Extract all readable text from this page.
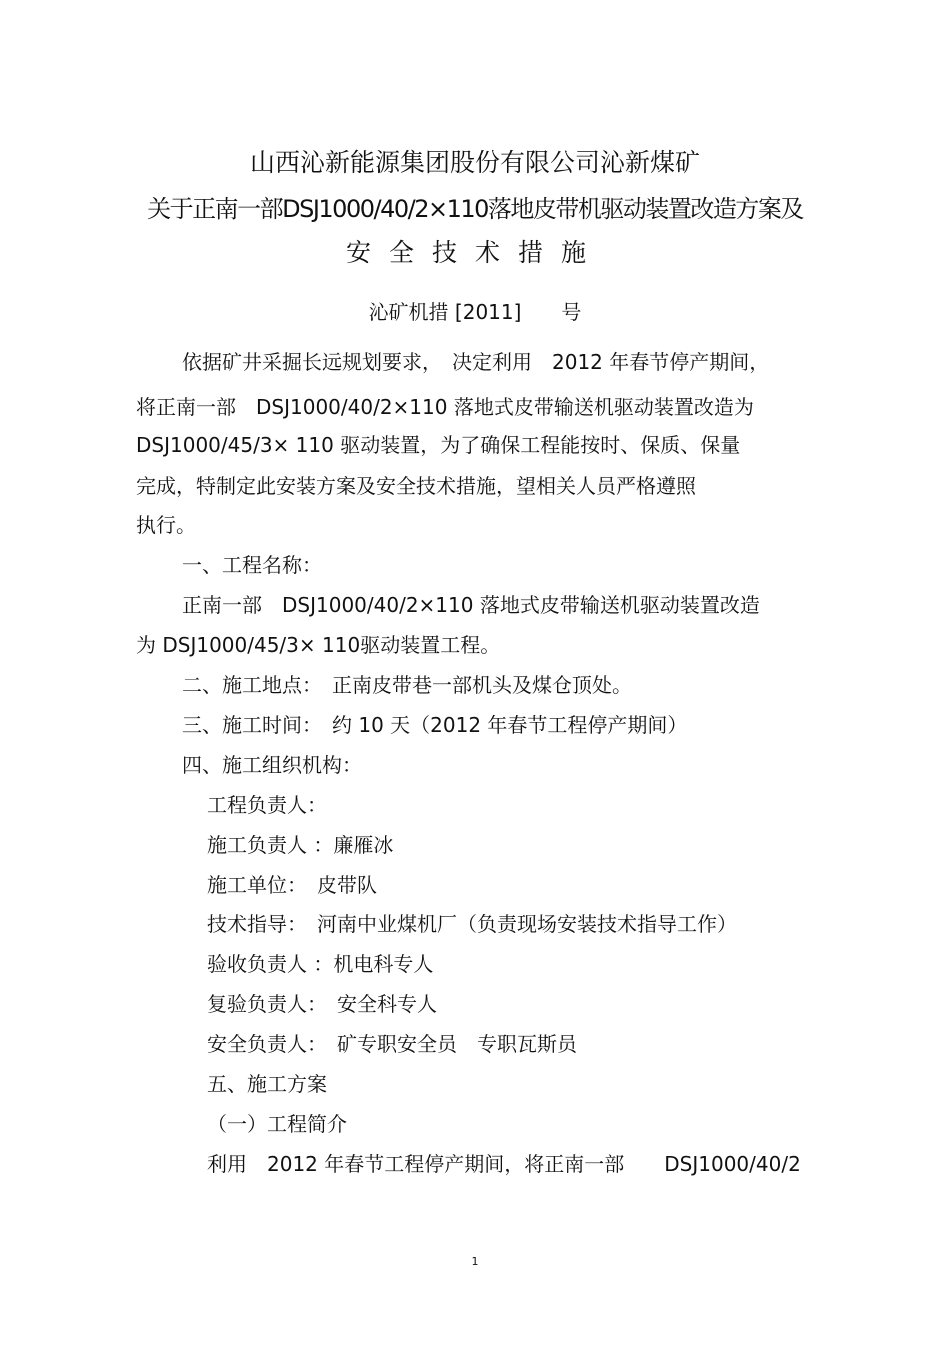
山西沁新能源集团股份有限公司沁新煤矿
关于正南一部DSJ1000/40/2×110落地皮带机驱动装置改造方案及
安全技术措施
沁矿机措 [2011]　　号
依据矿井采掘长远规划要求，　决定利用　2012 年春节停产期间，
将正南一部　DSJ1000/40/2×110 落地式皮带输送机驱动装置改造为
DSJ1000/45/3× 110 驱动装置，为了确保工程能按时、保质、保量
完成，特制定此安装方案及安全技术措施，望相关人员严格遵照
执行。
一、工程名称：
正南一部　DSJ1000/40/2×110 落地式皮带输送机驱动装置改造
为 DSJ1000/45/3× 110驱动装置工程。
二、施工地点：　正南皮带巷一部机头及煤仓顶处。
三、施工时间：　约 10 天（2012 年春节工程停产期间）
四、施工组织机构：
工程负责人：
施工负责人 ：廉雁冰
施工单位：　皮带队
技术指导：　河南中业煤机厂（负责现场安装技术指导工作）
验收负责人 ：机电科专人
复验负责人：　安全科专人
安全负责人：　矿专职安全员　专职瓦斯员
五、施工方案
（一）工程简介
利用　2012 年春节工程停产期间，将正南一部　　DSJ1000/40/2
1
